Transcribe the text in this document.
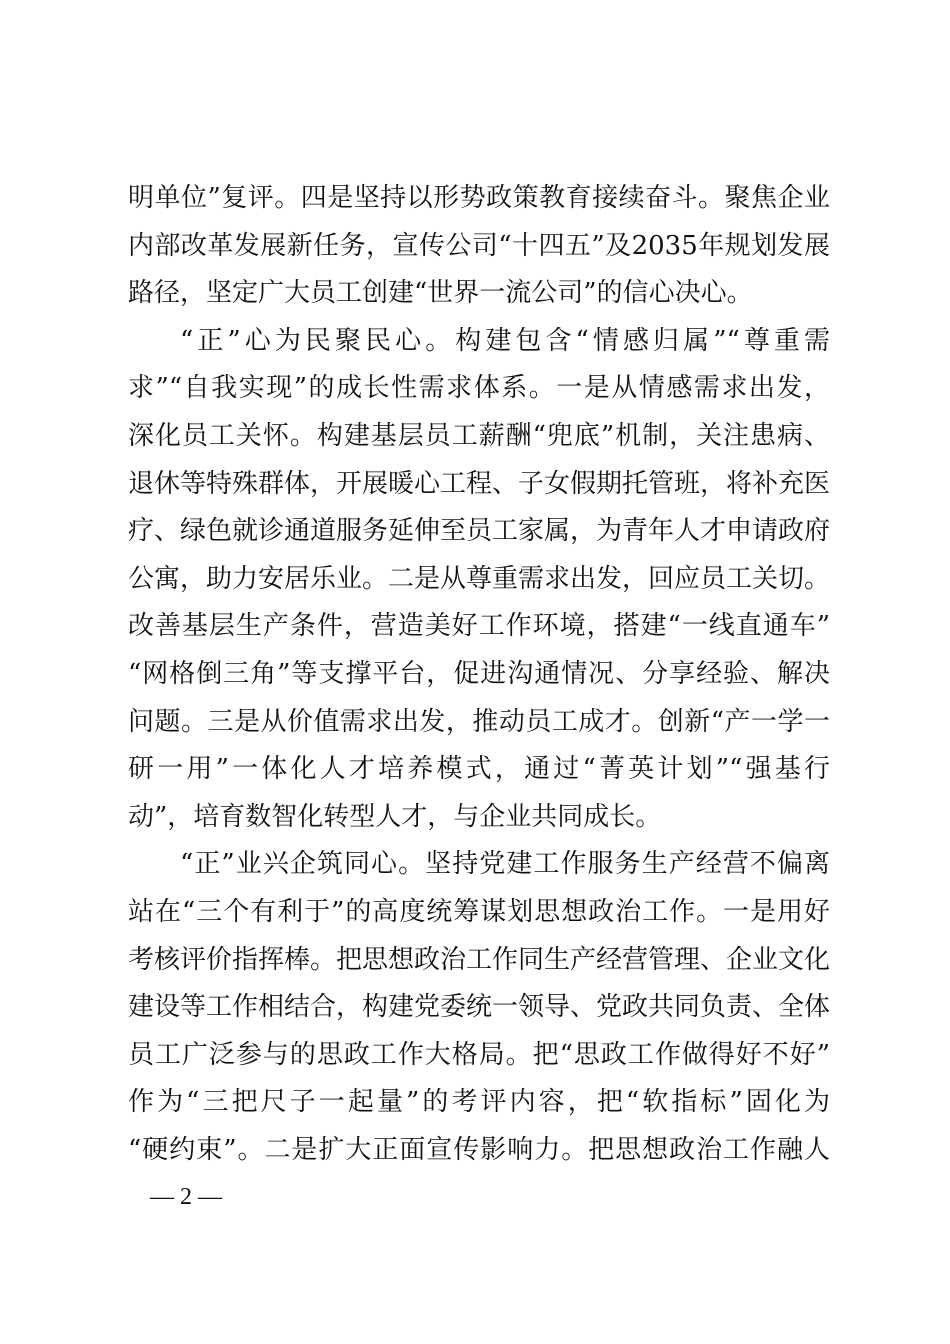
明单位”复评。四是坚持以形势政策教育接续奋斗。聚焦企业
内部改革发展新任务，宣传公司“十四五”及2035年规划发展
路径，坚定广大员工创建“世界一流公司”的信心决心。
“正”心为民聚民心。构建包含“情感归属”“尊重需
求”“自我实现”的成长性需求体系。一是从情感需求出发，
深化员工关怀。构建基层员工薪酬“兜底”机制，关注患病、
退休等特殊群体，开展暖心工程、子女假期托管班，将补充医
疗、绿色就诊通道服务延伸至员工家属，为青年人才申请政府
公寓，助力安居乐业。二是从尊重需求出发，回应员工关切。
改善基层生产条件，营造美好工作环境，搭建“一线直通车”
“网格倒三角”等支撑平台，促进沟通情况、分享经验、解决
问题。三是从价值需求出发，推动员工成才。创新“产一学一
研一用”一体化人才培养模式，通过“菁英计划”“强基行
动”，培育数智化转型人才，与企业共同成长。
“正”业兴企筑同心。坚持党建工作服务生产经营不偏离
站在“三个有利于”的高度统筹谋划思想政治工作。一是用好
考核评价指挥棒。把思想政治工作同生产经营管理、企业文化
建设等工作相结合，构建党委统一领导、党政共同负责、全体
员工广泛参与的思政工作大格局。把“思政工作做得好不好”
作为“三把尺子一起量”的考评内容，把“软指标”固化为
“硬约束”。二是扩大正面宣传影响力。把思想政治工作融人
— 2 —
